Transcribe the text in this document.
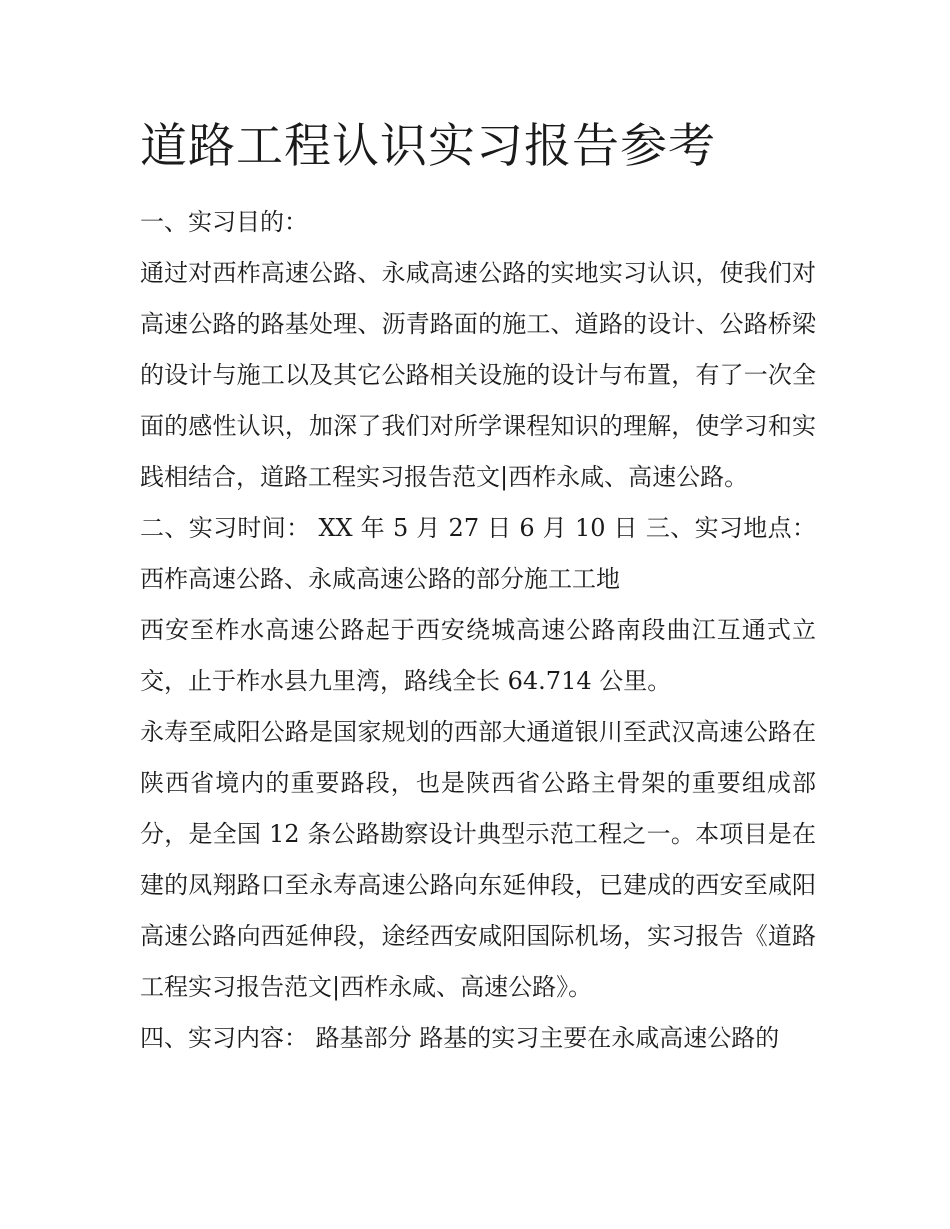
道路工程认识实习报告参考

一、实习目的：

通过对西柞高速公路、永咸高速公路的实地实习认识，使我们对高速公路的路基处理、沥青路面的施工、道路的设计、公路桥梁的设计与施工以及其它公路相关设施的设计与布置，有了一次全面的感性认识，加深了我们对所学课程知识的理解，使学习和实践相结合，道路工程实习报告范文|西柞永咸、高速公路。

二、实习时间： XX 年 5 月 27 日 6 月 10 日 三、实习地点： 西柞高速公路、永咸高速公路的部分施工工地

西安至柞水高速公路起于西安绕城高速公路南段曲江互通式立交，止于柞水县九里湾，路线全长 64.714 公里。

永寿至咸阳公路是国家规划的西部大通道银川至武汉高速公路在陕西省境内的重要路段，也是陕西省公路主骨架的重要组成部分，是全国 12 条公路勘察设计典型示范工程之一。本项目是在建的凤翔路口至永寿高速公路向东延伸段，已建成的西安至咸阳高速公路向西延伸段，途经西安咸阳国际机场，实习报告《道路工程实习报告范文|西柞永咸、高速公路》。

四、实习内容： 路基部分 路基的实习主要在永咸高速公路的
